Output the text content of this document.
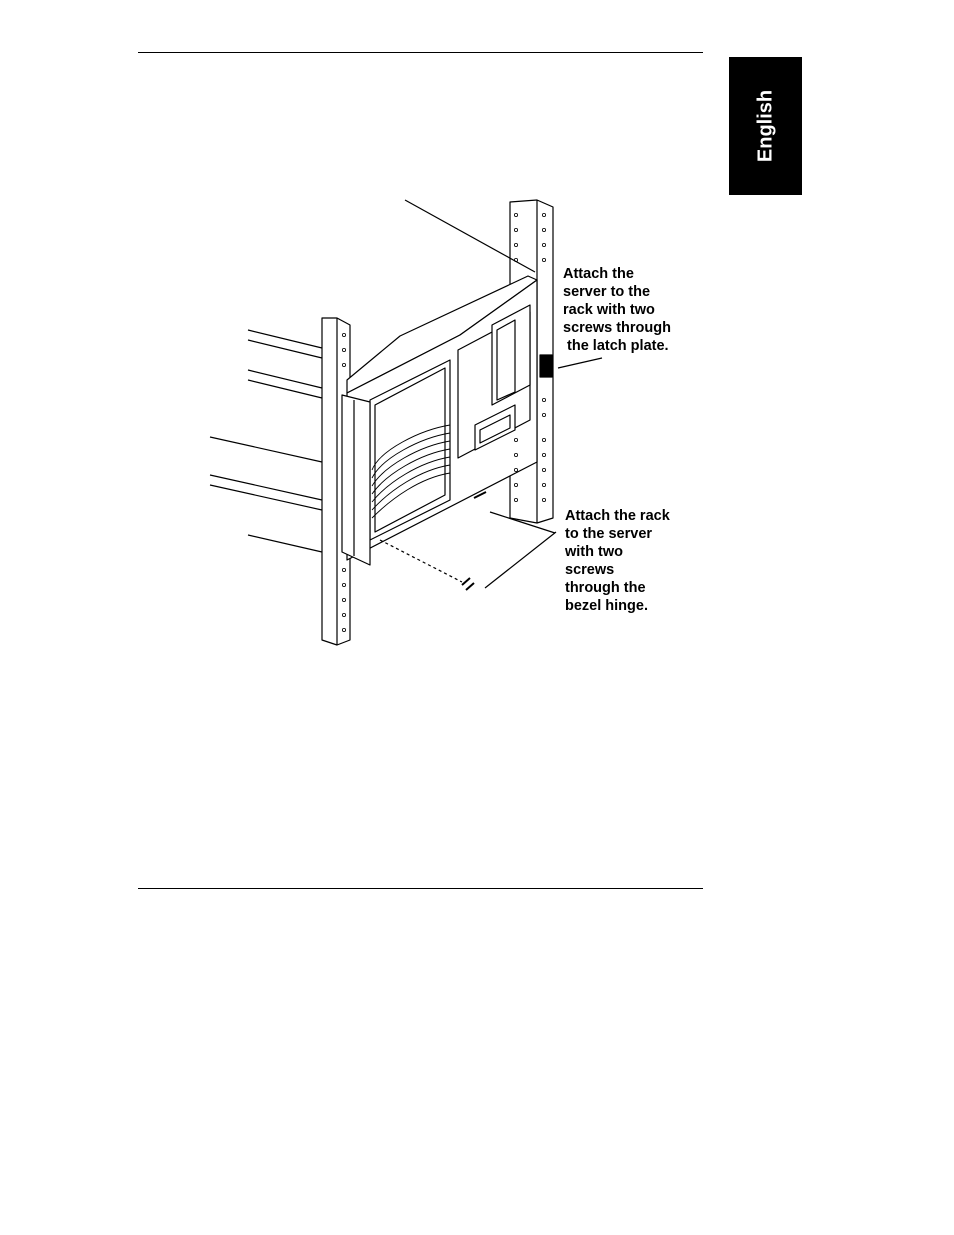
English
Attach the
server to the
rack with two
screws through
the latch plate.
Attach the rack
to the server
with two
screws
through the
bezel hinge.
